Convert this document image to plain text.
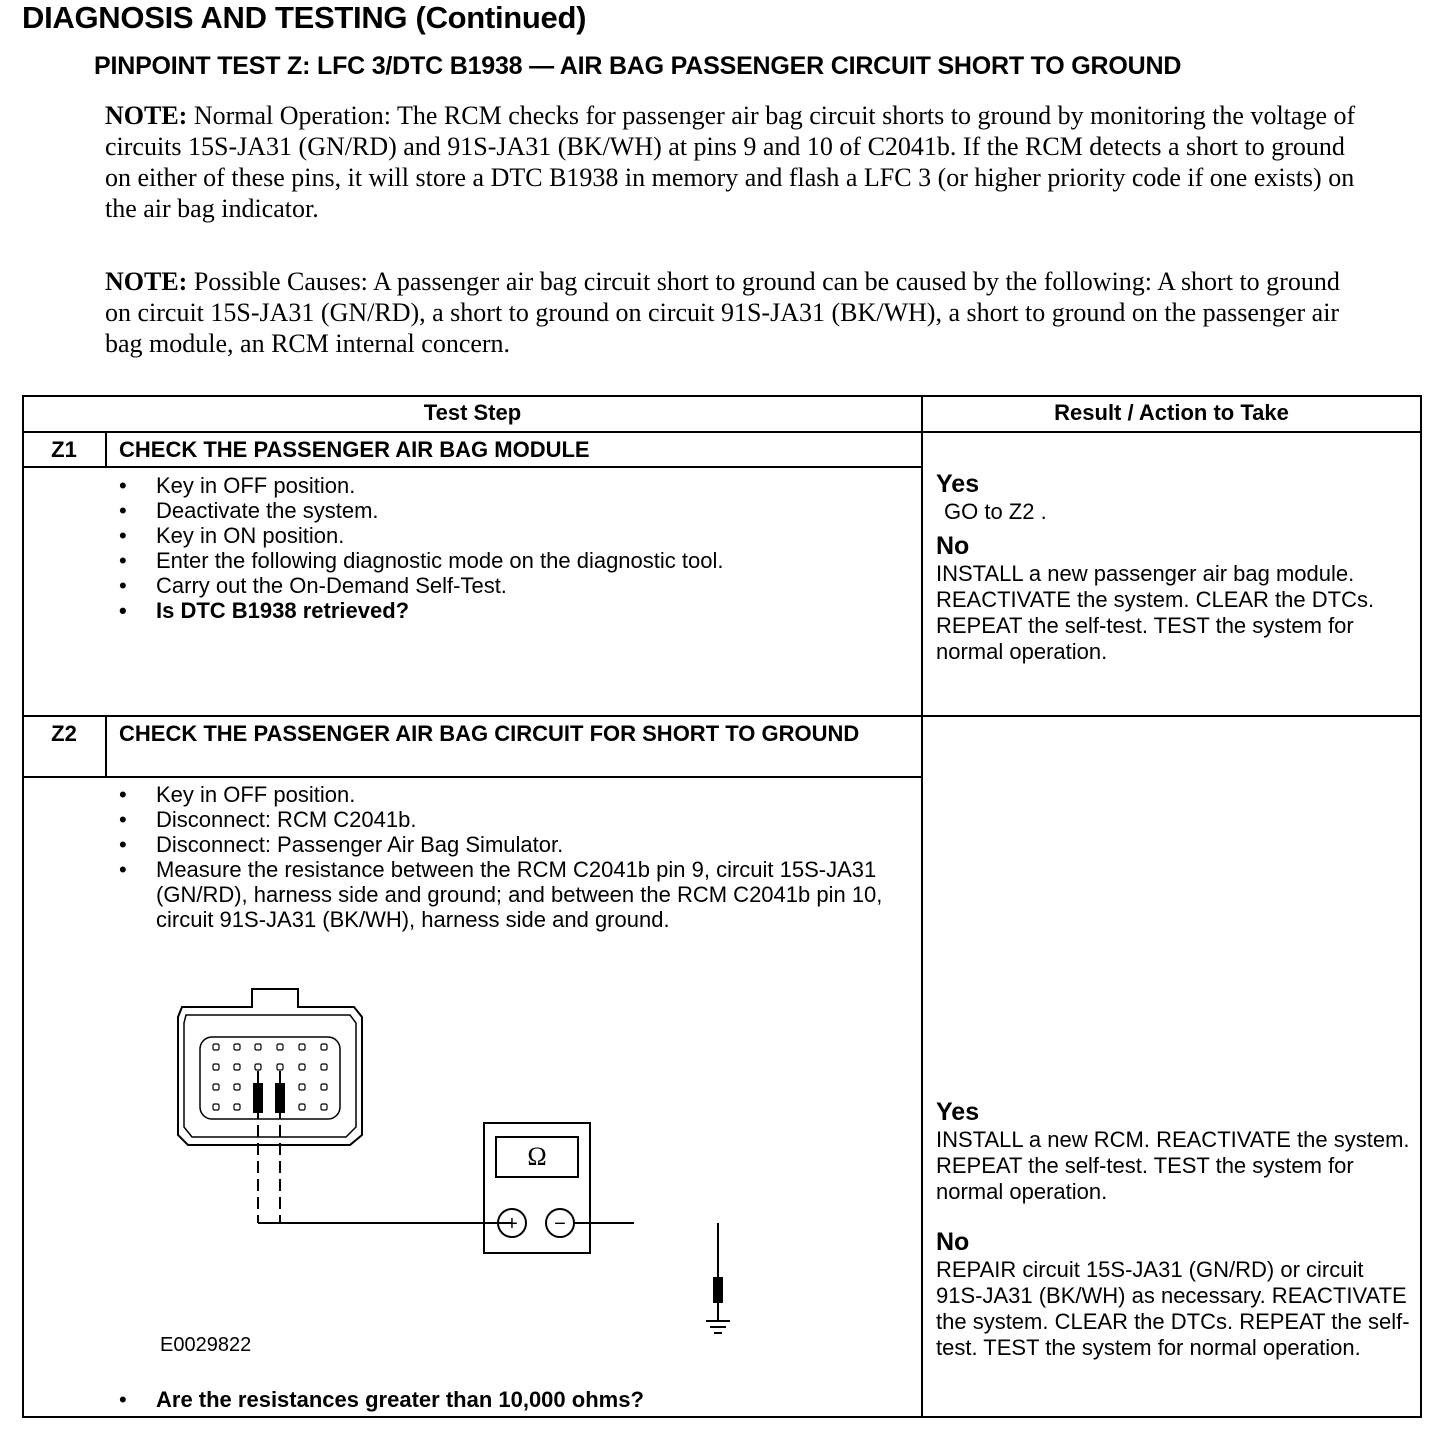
DIAGNOSIS AND TESTING (Continued)
PINPOINT TEST Z: LFC 3/DTC B1938 — AIR BAG PASSENGER CIRCUIT SHORT TO GROUND
NOTE: Normal Operation: The RCM checks for passenger air bag circuit shorts to ground by monitoring the voltage of circuits 15S-JA31 (GN/RD) and 91S-JA31 (BK/WH) at pins 9 and 10 of C2041b. If the RCM detects a short to ground on either of these pins, it will store a DTC B1938 in memory and flash a LFC 3 (or higher priority code if one exists) on the air bag indicator.
NOTE: Possible Causes: A passenger air bag circuit short to ground can be caused by the following: A short to ground on circuit 15S-JA31 (GN/RD), a short to ground on circuit 91S-JA31 (BK/WH), a short to ground on the passenger air bag module, an RCM internal concern.
Test Step	Result / Action to Take
Z1	CHECK THE PASSENGER AIR BAG MODULE
• Key in OFF position.
• Deactivate the system.
• Key in ON position.
• Enter the following diagnostic mode on the diagnostic tool.
• Carry out the On-Demand Self-Test.
• Is DTC B1938 retrieved?
Yes
GO to Z2 .
No
INSTALL a new passenger air bag module. REACTIVATE the system. CLEAR the DTCs. REPEAT the self-test. TEST the system for normal operation.
Z2	CHECK THE PASSENGER AIR BAG CIRCUIT FOR SHORT TO GROUND
• Key in OFF position.
• Disconnect: RCM C2041b.
• Disconnect: Passenger Air Bag Simulator.
• Measure the resistance between the RCM C2041b pin 9, circuit 15S-JA31 (GN/RD), harness side and ground; and between the RCM C2041b pin 10, circuit 91S-JA31 (BK/WH), harness side and ground.
Ω
+ −
E0029822
• Are the resistances greater than 10,000 ohms?
Yes
INSTALL a new RCM. REACTIVATE the system. REPEAT the self-test. TEST the system for normal operation.
No
REPAIR circuit 15S-JA31 (GN/RD) or circuit 91S-JA31 (BK/WH) as necessary. REACTIVATE the system. CLEAR the DTCs. REPEAT the self-test. TEST the system for normal operation.
